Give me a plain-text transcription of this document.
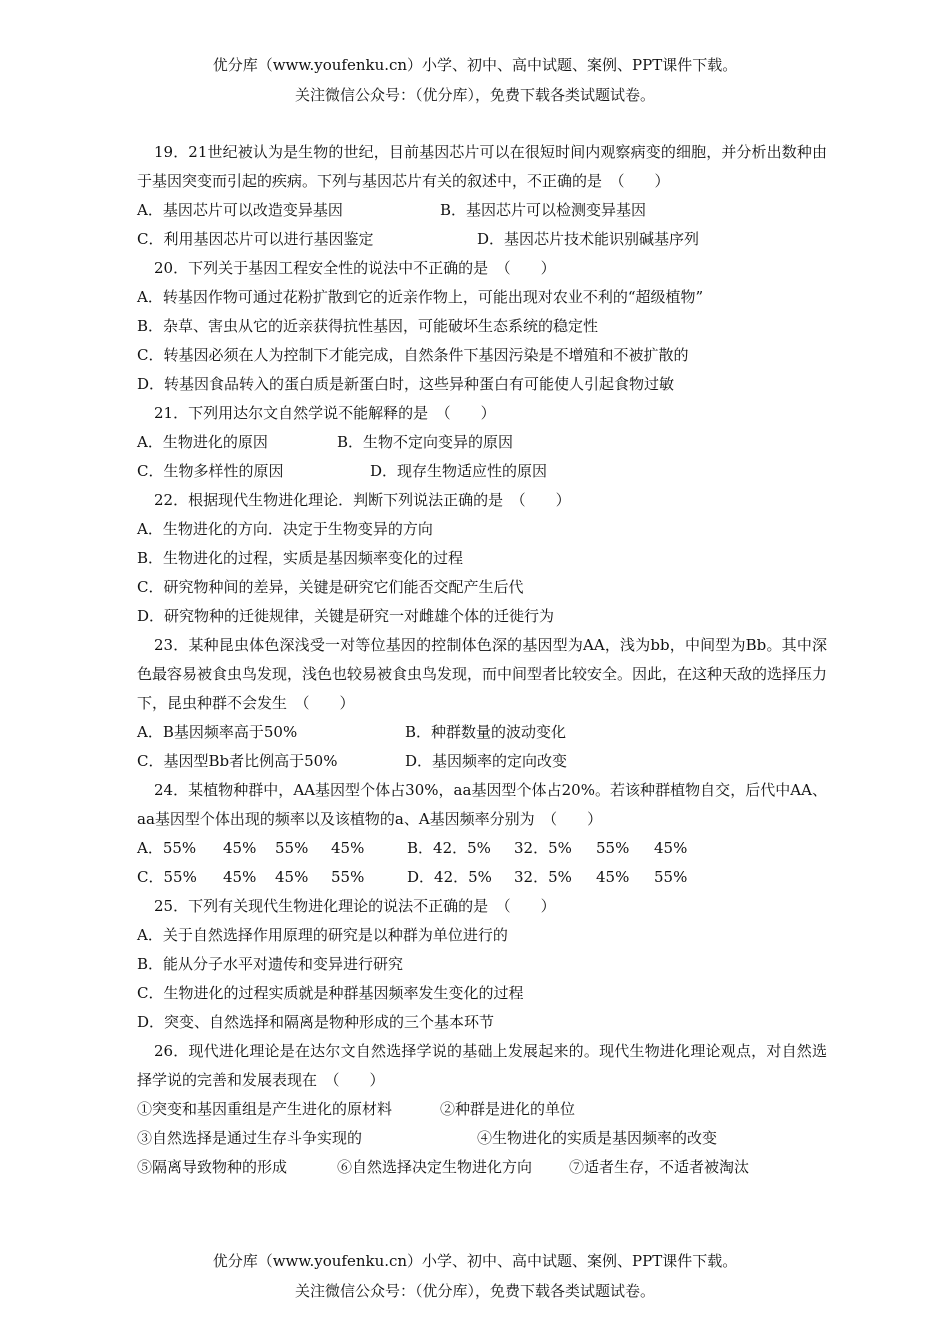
优分库（www.youfenku.cn）小学、初中、高中试题、案例、PPT课件下载。
关注微信公众号：（优分库），免费下载各类试题试卷。
19．21世纪被认为是生物的世纪，目前基因芯片可以在很短时间内观察病变的细胞，并分析出数种由于基因突变而引起的疾病。下列与基因芯片有关的叙述中，不正确的是　（　　）
A．基因芯片可以改造变异基因	B．基因芯片可以检测变异基因
C．利用基因芯片可以进行基因鉴定	D．基因芯片技术能识别碱基序列
20．下列关于基因工程安全性的说法中不正确的是　（　　）
A．转基因作物可通过花粉扩散到它的近亲作物上，可能出现对农业不利的“超级植物”
B．杂草、害虫从它的近亲获得抗性基因，可能破坏生态系统的稳定性
C．转基因必须在人为控制下才能完成，自然条件下基因污染是不增殖和不被扩散的
D．转基因食品转入的蛋白质是新蛋白时，这些异种蛋白有可能使人引起食物过敏
21．下列用达尔文自然学说不能解释的是　（　　）
A．生物进化的原因	B．生物不定向变异的原因
C．生物多样性的原因	D．现存生物适应性的原因
22．根据现代生物进化理论．判断下列说法正确的是　（　　）
A．生物进化的方向．决定于生物变异的方向
B．生物进化的过程，实质是基因频率变化的过程
C．研究物种间的差异，关键是研究它们能否交配产生后代
D．研究物种的迁徙规律，关键是研究一对雌雄个体的迁徙行为
23．某种昆虫体色深浅受一对等位基因的控制体色深的基因型为AA，浅为bb，中间型为Bb。其中深色最容易被食虫鸟发现，浅色也较易被食虫鸟发现，而中间型者比较安全。因此，在这种天敌的选择压力下，昆虫种群不会发生　（　　）
A．B基因频率高于50%	B．种群数量的波动变化
C．基因型Bb者比例高于50%	D．基因频率的定向改变
24．某植物种群中，AA基因型个体占30%，aa基因型个体占20%。若该种群植物自交，后代中AA、aa基因型个体出现的频率以及该植物的a、A基因频率分别为　（　　）
A．55% 45% 55% 45%	B．42．5% 32．5% 55% 45%
C．55% 45% 45% 55%	D．42．5% 32．5% 45% 55%
25．下列有关现代生物进化理论的说法不正确的是　（　　）
A．关于自然选择作用原理的研究是以种群为单位进行的
B．能从分子水平对遗传和变异进行研究
C．生物进化的过程实质就是种群基因频率发生变化的过程
D．突变、自然选择和隔离是物种形成的三个基本环节
26．现代进化理论是在达尔文自然选择学说的基础上发展起来的。现代生物进化理论观点，对自然选择学说的完善和发展表现在　（　　）
①突变和基因重组是产生进化的原材料	②种群是进化的单位
③自然选择是通过生存斗争实现的	④生物进化的实质是基因频率的改变
⑤隔离导致物种的形成	⑥自然选择决定生物进化方向	⑦适者生存，不适者被淘汰
优分库（www.youfenku.cn）小学、初中、高中试题、案例、PPT课件下载。
关注微信公众号：（优分库），免费下载各类试题试卷。
